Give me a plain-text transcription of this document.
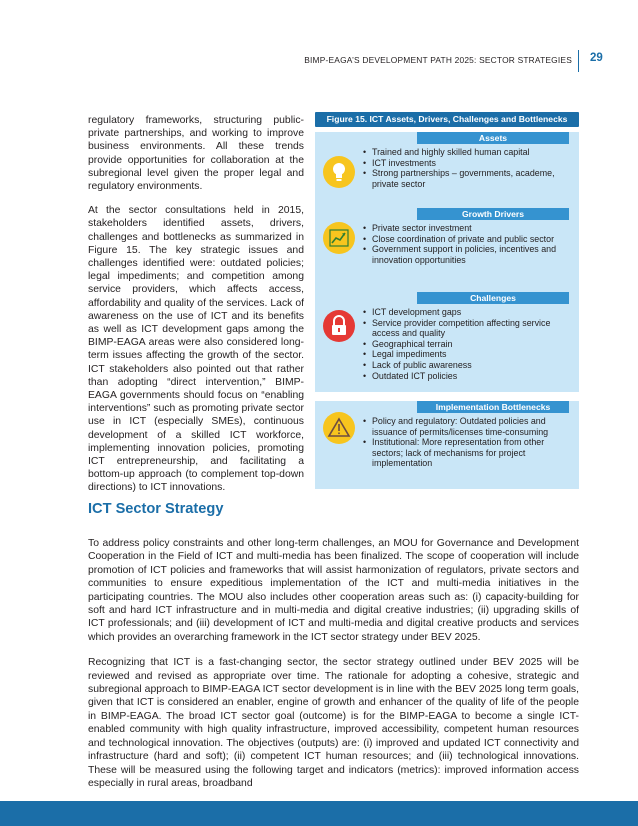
BIMP-EAGA’S DEVELOPMENT PATH 2025: SECTOR STRATEGIES 29

regulatory frameworks, structuring public-private partnerships, and working to improve business environments. All these trends provide opportunities for collaboration at the subregional level given the proper legal and regulatory environments.

At the sector consultations held in 2015, stakeholders identified assets, drivers, challenges and bottlenecks as summarized in Figure 15. The key strategic issues and challenges identified were: outdated policies; legal impediments; and competition among service providers, which affects access, affordability and quality of the services. Lack of awareness on the use of ICT and its benefits as well as ICT development gaps among the BIMP-EAGA areas were also considered long-term issues affecting the growth of the sector. ICT stakeholders also pointed out that rather than adopting “direct intervention,” BIMP-EAGA governments should focus on “enabling interventions” such as promoting private sector use in ICT (especially SMEs), continuous development of a skilled ICT workforce, implementing innovation policies, promoting ICT entrepreneurship, and facilitating a bottom-up approach (to complement top-down directions) to ICT innovations.

Figure 15. ICT Assets, Drivers, Challenges and Bottlenecks
Assets
• Trained and highly skilled human capital
• ICT investments
• Strong partnerships – governments, academe, private sector
Growth Drivers
• Private sector investment
• Close coordination of private and public sector
• Government support in policies, incentives and innovation opportunities
Challenges
• ICT development gaps
• Service provider competition affecting service access and quality
• Geographical terrain
• Legal impediments
• Lack of public awareness
• Outdated ICT policies
Implementation Bottlenecks
• Policy and regulatory: Outdated policies and issuance of permits/licenses time-consuming
• Institutional: More representation from other sectors; lack of mechanisms for project implementation
ICT Sector Strategy

To address policy constraints and other long-term challenges, an MOU for Governance and Development Cooperation in the Field of ICT and multi-media has been finalized. The scope of cooperation will include promotion of ICT policies and frameworks that will assist harmonization of regulators, private sectors and communities to ensure expeditious implementation of the ICT and multi-media initiatives in the participating countries. The MOU also includes other cooperation areas such as: (i) capacity-building for soft and hard ICT infrastructure and in multi-media and digital creative industries; (ii) upgrading skills of ICT professionals; and (iii) development of ICT and multi-media and digital creative products and services which provides an overarching framework in the ICT sector strategy under BEV 2025.

Recognizing that ICT is a fast-changing sector, the sector strategy outlined under BEV 2025 will be reviewed and revised as appropriate over time. The rationale for adopting a cohesive, strategic and subregional approach to BIMP-EAGA ICT sector development is in line with the BEV 2025 long term goals, given that ICT is considered an enabler, engine of growth and enhancer of the quality of life of the people in BIMP-EAGA. The broad ICT sector goal (outcome) is for the BIMP-EAGA to become a single ICT-enabled community with high quality infrastructure, improved accessibility, competent human resources and technological innovation. The objectives (outputs) are: (i) improved and updated ICT connectivity and infrastructure (hard and soft); (ii) competent ICT human resources; and (iii) technological innovations. These will be measured using the following target and indicators (metrics): improved information access especially in rural areas, broadband
